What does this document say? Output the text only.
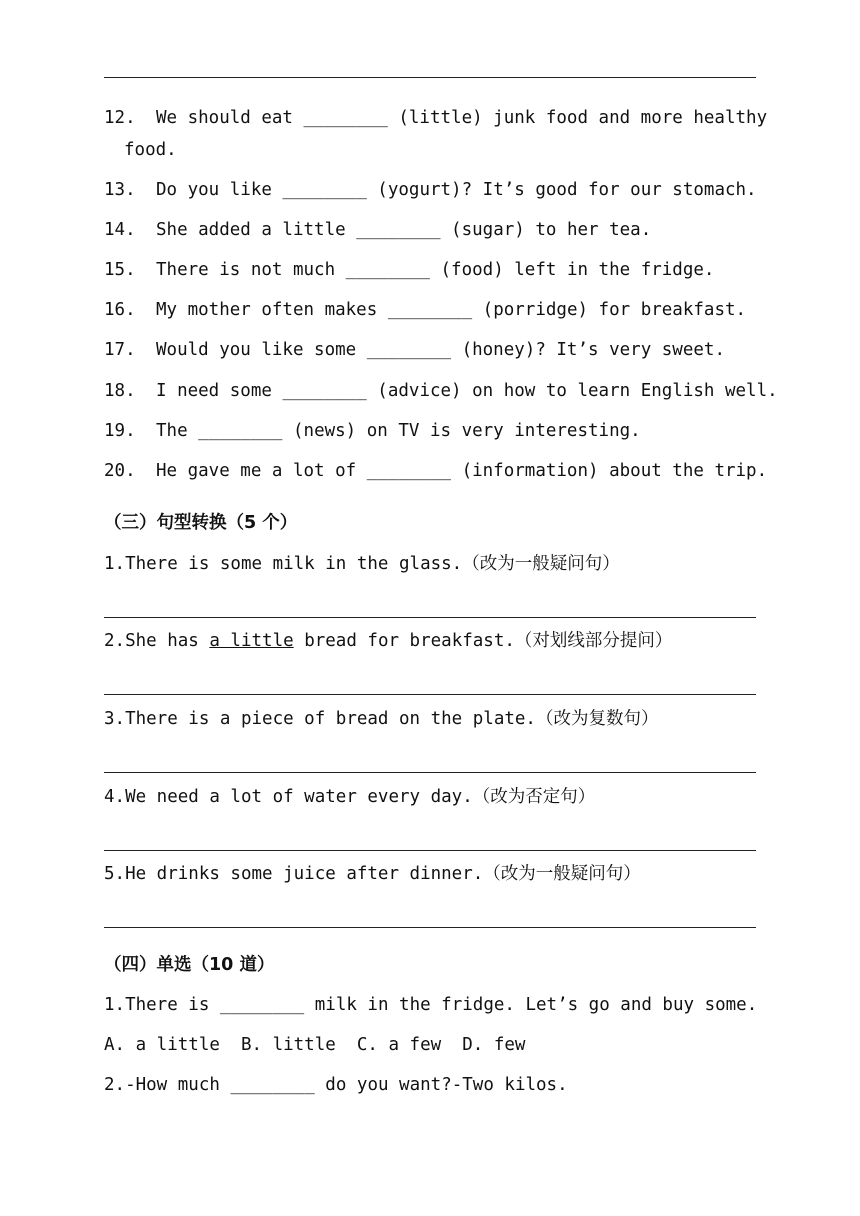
12. We should eat ________ (little) junk food and more healthy
food.
13. Do you like ________ (yogurt)? It’s good for our stomach.
14. She added a little ________ (sugar) to her tea.
15. There is not much ________ (food) left in the fridge.
16. My mother often makes ________ (porridge) for breakfast.
17. Would you like some ________ (honey)? It’s very sweet.
18. I need some ________ (advice) on how to learn English well.
19. The ________ (news) on TV is very interesting.
20. He gave me a lot of ________ (information) about the trip.
（三）句型转换（5 个）
1.There is some milk in the glass.（改为一般疑问句）
2.She has a little bread for breakfast.（对划线部分提问）
3.There is a piece of bread on the plate.（改为复数句）
4.We need a lot of water every day.（改为否定句）
5.He drinks some juice after dinner.（改为一般疑问句）
（四）单选（10 道）
1.There is ________ milk in the fridge. Let’s go and buy some.
A. a little  B. little  C. a few  D. few
2.-How much ________ do you want?-Two kilos.
